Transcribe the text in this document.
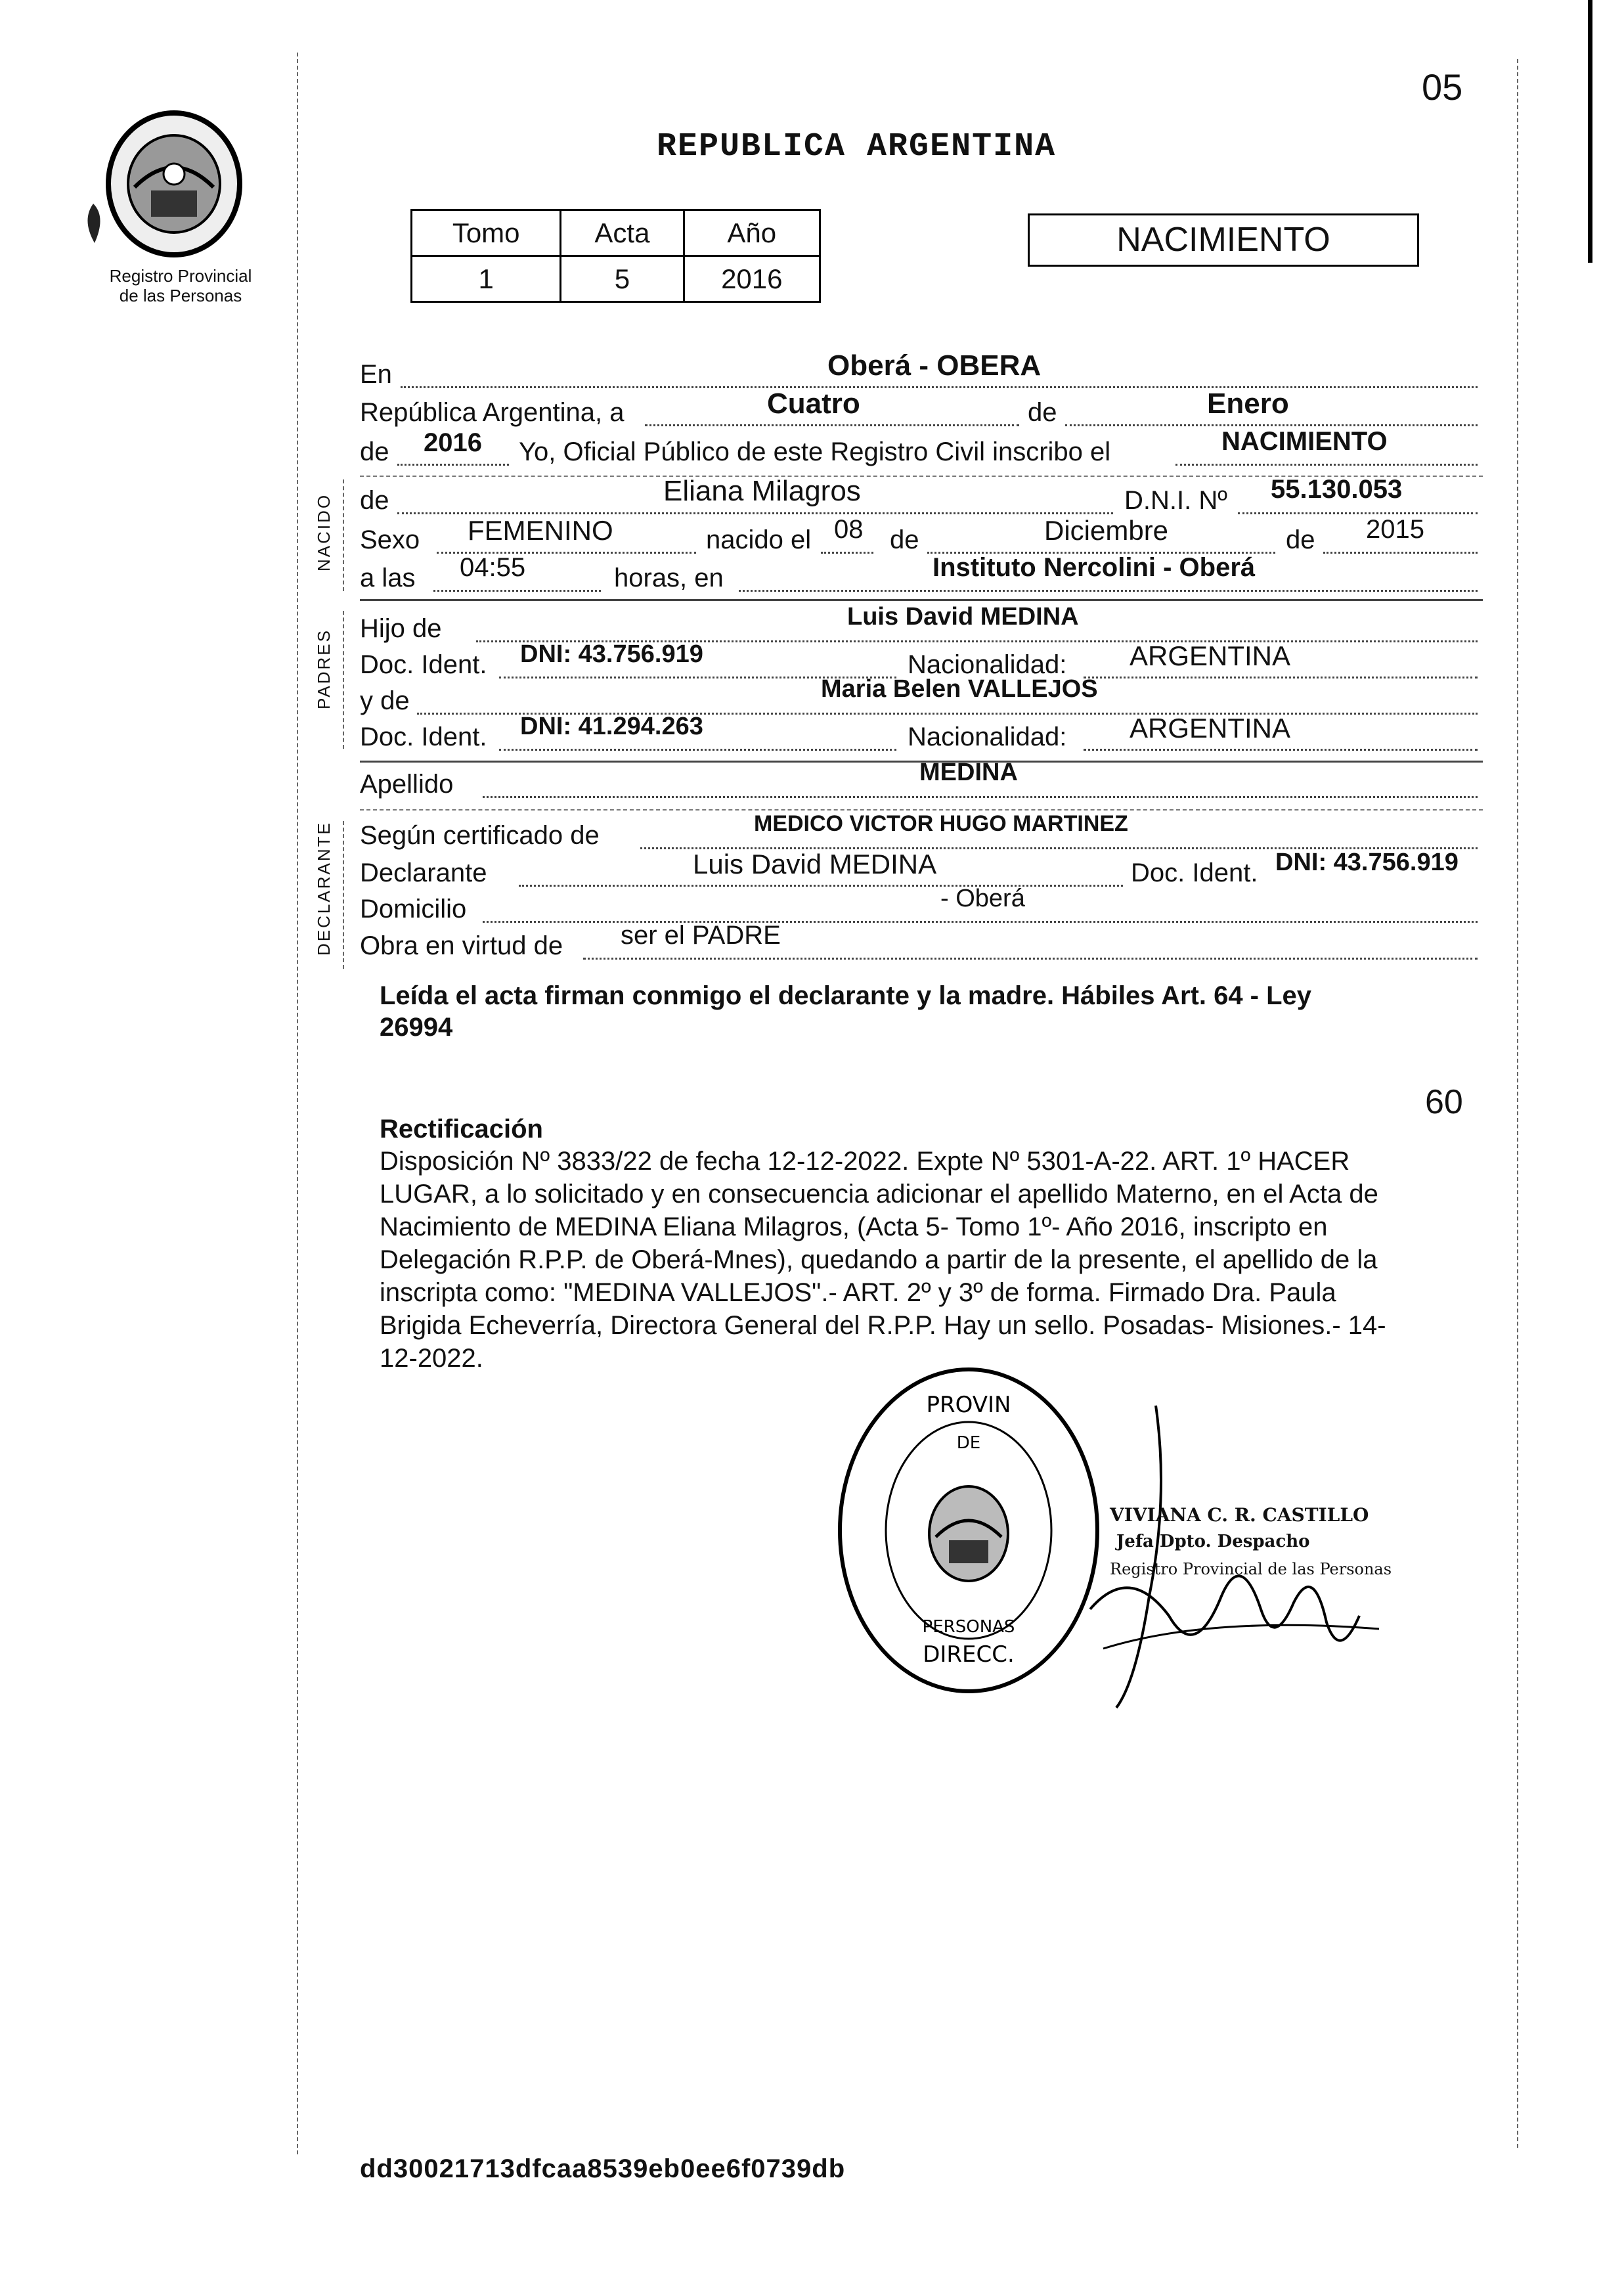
Registro Provincial
de las Personas
05
REPUBLICA ARGENTINA
Tomo	Acta	Año
1	5	2016
NACIMIENTO
En	Oberá - OBERA
República Argentina, a	Cuatro	de	Enero
de 2016 Yo, Oficial Público de este Registro Civil inscribo el	NACIMIENTO
NACIDO de	Eliana Milagros	D.N.I. Nº 55.130.053
Sexo FEMENINO	nacido el 08 de	Diciembre	de 2015
a las 04:55	horas, en	Instituto Nercolini - Oberá
PADRES Hijo de	Luis David MEDINA
Doc. Ident. DNI: 43.756.919	Nacionalidad: ARGENTINA
y de	Maria Belen VALLEJOS
Doc. Ident. DNI: 41.294.263	Nacionalidad: ARGENTINA
Apellido	MEDINA
DECLARANTE Según certificado de	MEDICO VICTOR HUGO MARTINEZ
Declarante	Luis David MEDINA	Doc. Ident. DNI: 43.756.919
Domicilio	- Oberá
Obra en virtud de ser el PADRE
Leída el acta firman conmigo el declarante y la madre. Hábiles Art. 64 - Ley
26994
60
Rectificación
Disposición Nº 3833/22 de fecha 12-12-2022. Expte Nº 5301-A-22. ART. 1º HACER
LUGAR, a lo solicitado y en consecuencia adicionar el apellido Materno, en el Acta de
Nacimiento de MEDINA Eliana Milagros, (Acta 5- Tomo 1º- Año 2016, inscripto en
Delegación R.P.P. de Oberá-Mnes), quedando a partir de la presente, el apellido de la
inscripta como: "MEDINA VALLEJOS".- ART. 2º y 3º de forma. Firmado Dra. Paula
Brigida Echeverría, Directora General del R.P.P. Hay un sello. Posadas- Misiones.- 14-
12-2022.
PROVIN
DIRECC.
DE
PERSONAS
VIVIANA C. R. CASTILLO
Jefa Dpto. Despacho
Registro Provincial de las Personas
dd30021713dfcaa8539eb0ee6f0739db
